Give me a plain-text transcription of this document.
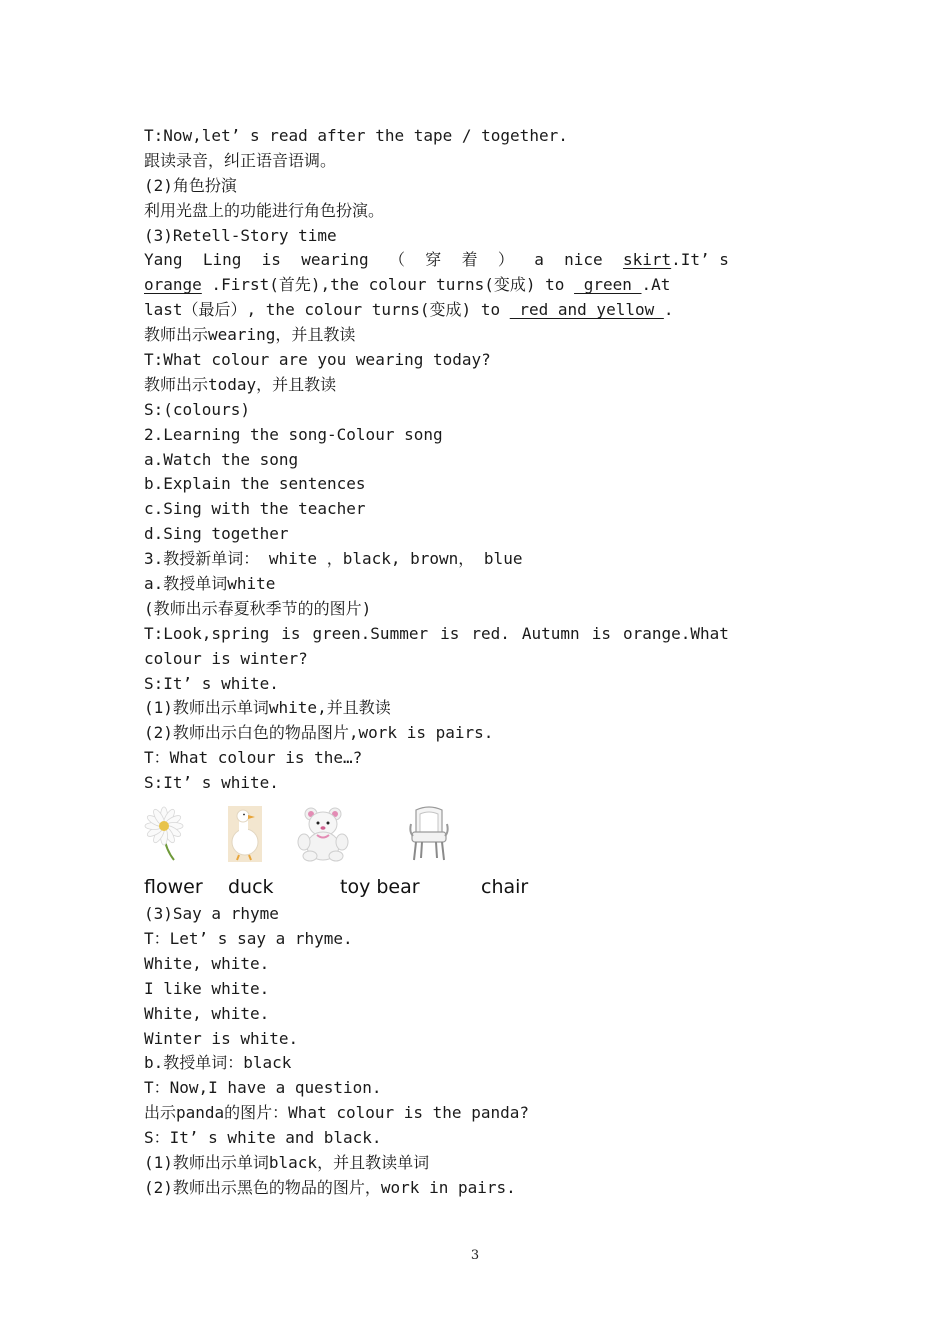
T:Now,let’ s read after the tape / together.
跟读录音，纠正语音语调。
(2)角色扮演
利用光盘上的功能进行角色扮演。
(3)Retell-Story time
Yang Ling is wearing （ 穿 着 ） a nice skirt.It’ s
orange .First(首先),the colour turns(变成) to  green .At
last（最后）, the colour turns(变成) to  red and yellow .
教师出示wearing，并且教读
T:What colour are you wearing today?
教师出示today，并且教读
S:(colours)
2.Learning the song-Colour song
a.Watch the song
b.Explain the sentences
c.Sing with the teacher
d.Sing together
3.教授新单词： white ，black, brown， blue
a.教授单词white
(教师出示春夏秋季节的的图片)
T:Look,spring is green.Summer is red. Autumn is orange.What
colour is winter?
S:It’ s white.
(1)教师出示单词white,并且教读
(2)教师出示白色的物品图片,work is pairs.
T：What colour is the…?
S:It’ s white.
flower duck	toy bear	chair
(3)Say a rhyme
T：Let’ s say a rhyme.
White, white.
I like white.
White, white.
Winter is white.
b.教授单词：black
T：Now,I have a question.
出示panda的图片：What colour is the panda?
S：It’ s white and black.
(1)教师出示单词black，并且教读单词
(2)教师出示黑色的物品的图片，work in pairs.
3
